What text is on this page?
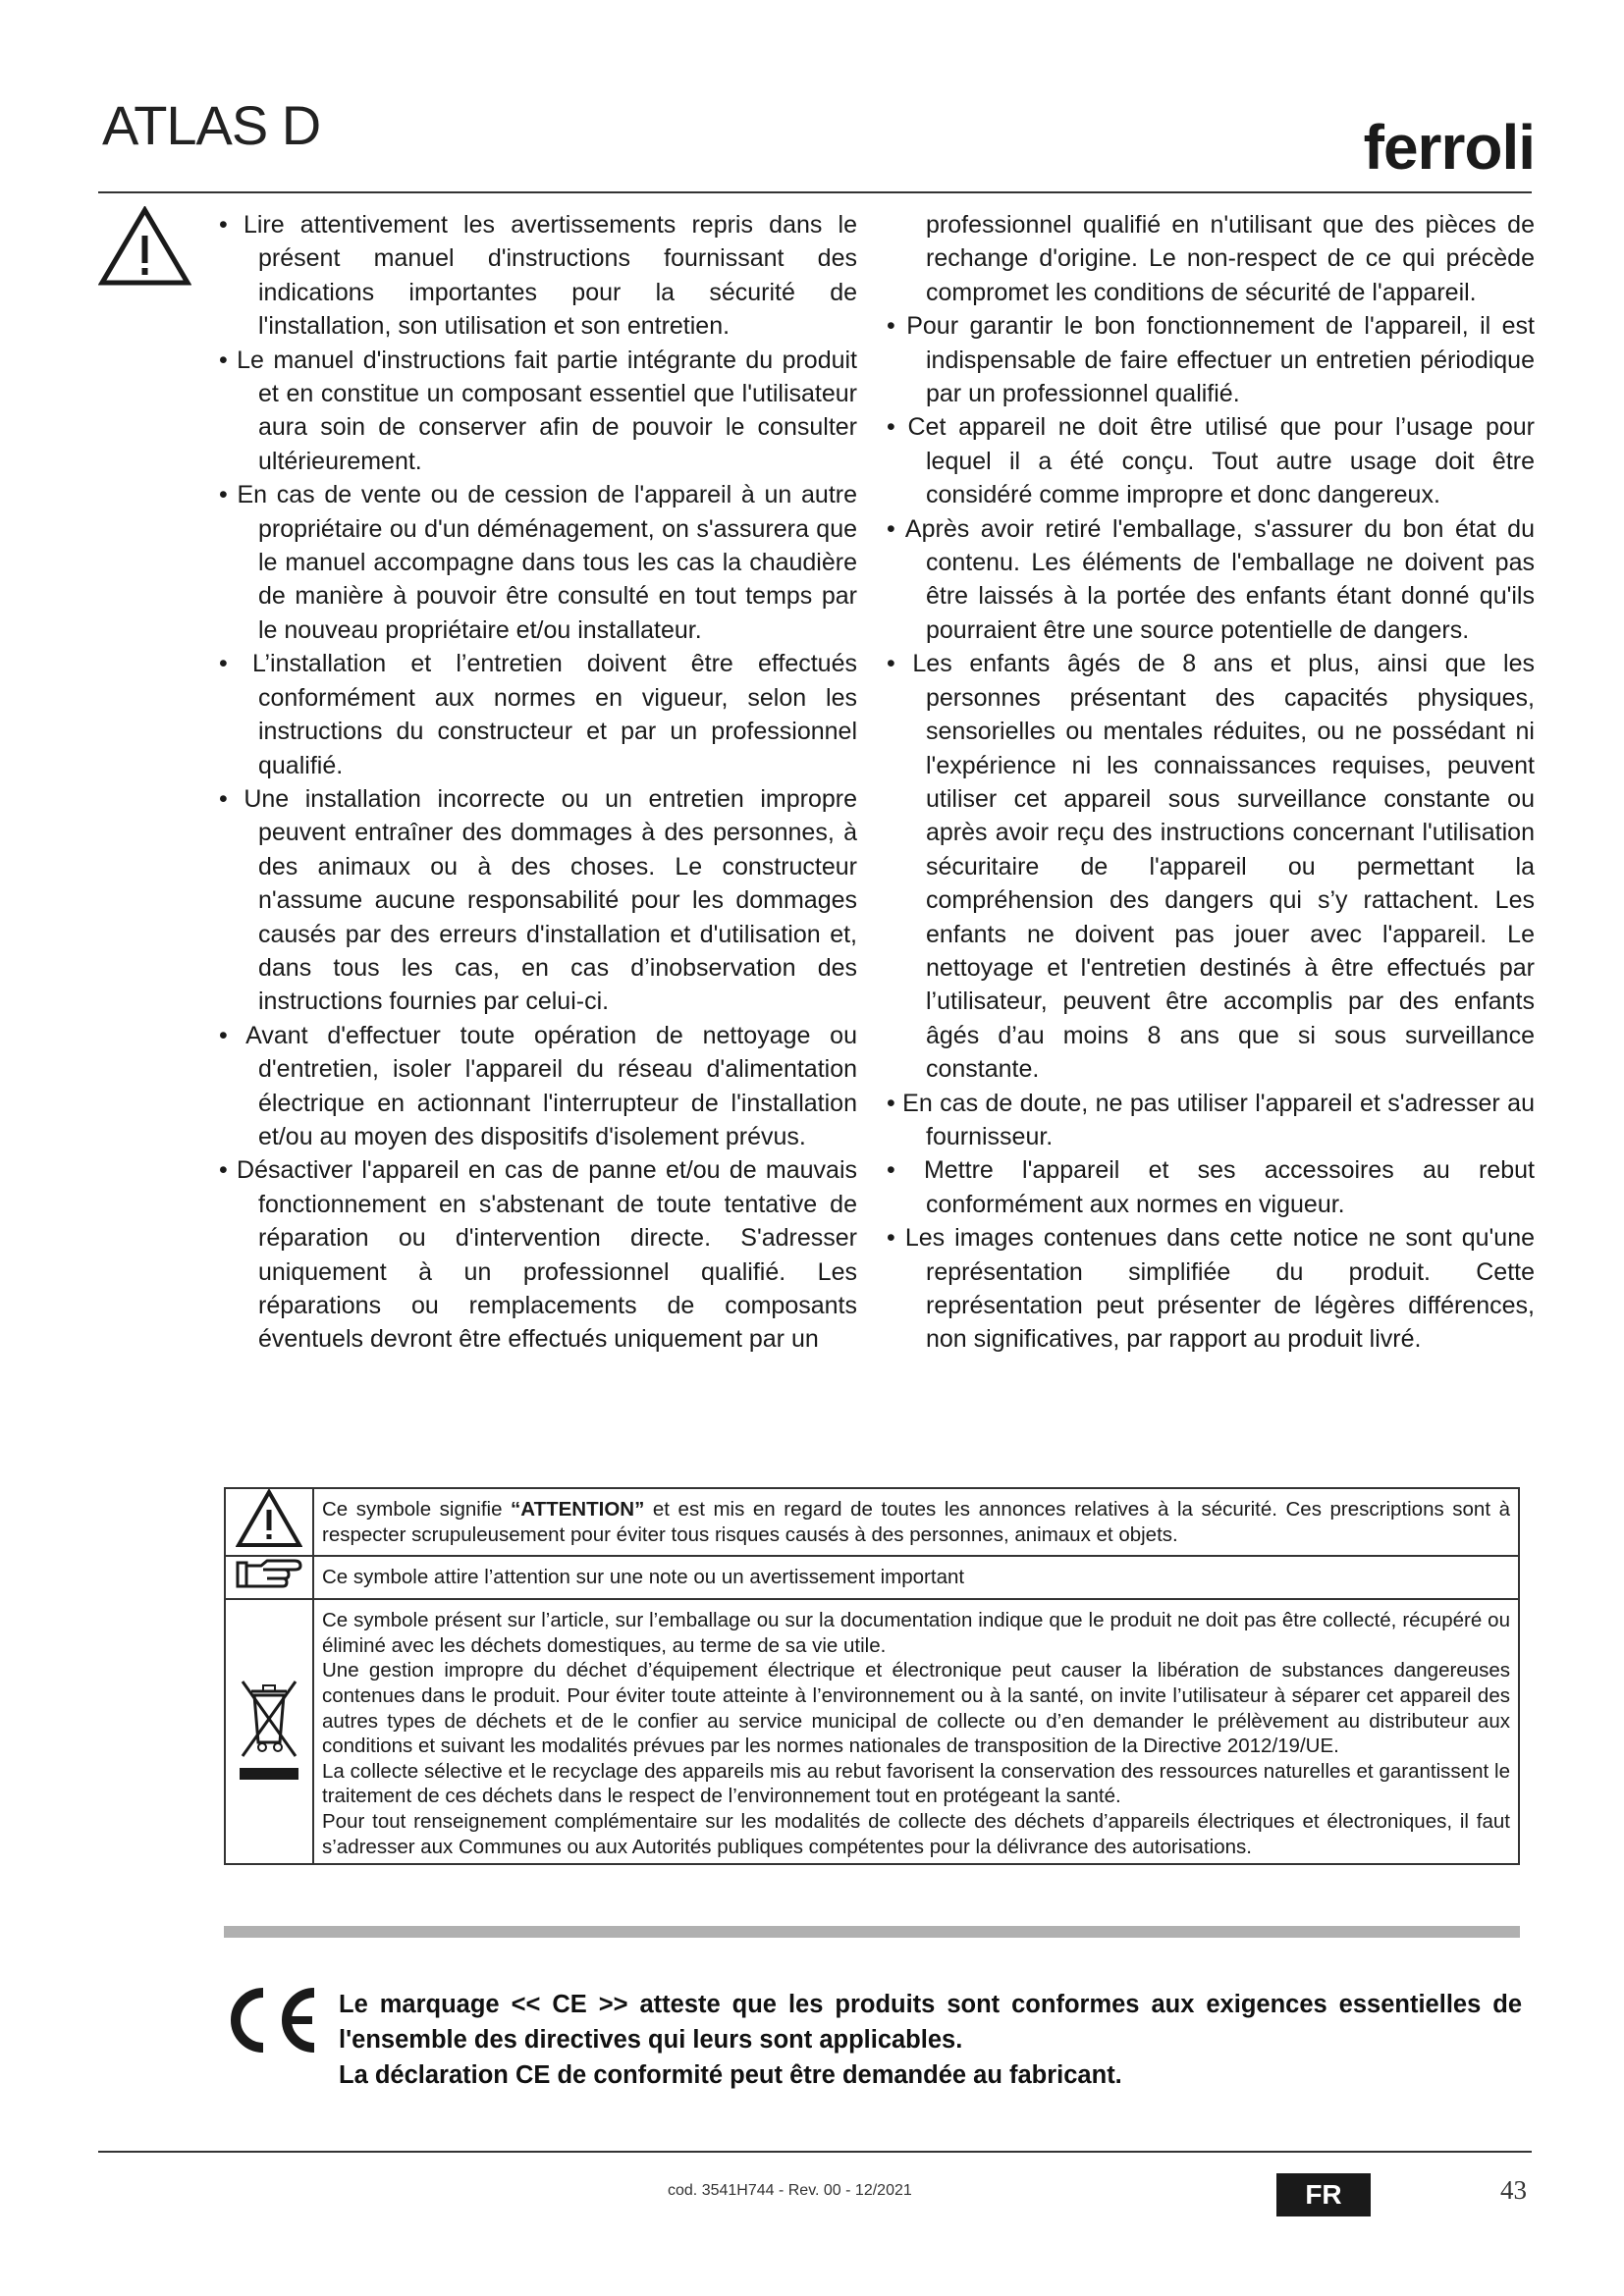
ATLAS D	ferroli
• Lire attentivement les avertissements repris dans le présent manuel d'instructions fournissant des indications importantes pour la sécurité de l'installation, son utilisation et son entretien.
• Le manuel d'instructions fait partie intégrante du produit et en constitue un composant essentiel que l'utilisateur aura soin de conserver afin de pouvoir le consulter ultérieurement.
• En cas de vente ou de cession de l'appareil à un autre propriétaire ou d'un déménagement, on s'assurera que le manuel accompagne dans tous les cas la chaudière de manière à pouvoir être consulté en tout temps par le nouveau propriétaire et/ou installateur.
• L’installation et l’entretien doivent être effectués conformément aux normes en vigueur, selon les instructions du constructeur et par un professionnel qualifié.
• Une installation incorrecte ou un entretien impropre peuvent entraîner des dommages à des personnes, à des animaux ou à des choses. Le constructeur n'assume aucune responsabilité pour les dommages causés par des erreurs d'installation et d'utilisation et, dans tous les cas, en cas d’inobservation des instructions fournies par celui-ci.
• Avant d'effectuer toute opération de nettoyage ou d'entretien, isoler l'appareil du réseau d'alimentation électrique en actionnant l'interrupteur de l'installation et/ou au moyen des dispositifs d'isolement prévus.
• Désactiver l'appareil en cas de panne et/ou de mauvais fonctionnement en s'abstenant de toute tentative de réparation ou d'intervention directe. S'adresser uniquement à un professionnel qualifié. Les réparations ou remplacements de composants éventuels devront être effectués uniquement par un
professionnel qualifié en n'utilisant que des pièces de rechange d'origine. Le non-respect de ce qui précède compromet les conditions de sécurité de l'appareil.
• Pour garantir le bon fonctionnement de l'appareil, il est indispensable de faire effectuer un entretien périodique par un professionnel qualifié.
• Cet appareil ne doit être utilisé que pour l’usage pour lequel il a été conçu. Tout autre usage doit être considéré comme impropre et donc dangereux.
• Après avoir retiré l'emballage, s'assurer du bon état du contenu. Les éléments de l'emballage ne doivent pas être laissés à la portée des enfants étant donné qu'ils pourraient être une source potentielle de dangers.
• Les enfants âgés de 8 ans et plus, ainsi que les personnes présentant des capacités physiques, sensorielles ou mentales réduites, ou ne possédant ni l'expérience ni les connaissances requises, peuvent utiliser cet appareil sous surveillance constante ou après avoir reçu des instructions concernant l'utilisation sécuritaire de l'appareil ou permettant la compréhension des dangers qui s’y rattachent. Les enfants ne doivent pas jouer avec l'appareil. Le nettoyage et l'entretien destinés à être effectués par l’utilisateur, peuvent être accomplis par des enfants âgés d’au moins 8 ans que si sous surveillance constante.
• En cas de doute, ne pas utiliser l'appareil et s'adresser au fournisseur.
• Mettre l'appareil et ses accessoires au rebut conformément aux normes en vigueur.
• Les images contenues dans cette notice ne sont qu'une représentation simplifiée du produit. Cette représentation peut présenter de légères différences, non significatives, par rapport au produit livré.
	Ce symbole signifie “ATTENTION” et est mis en regard de toutes les annonces relatives à la sécurité. Ces prescriptions sont à respecter scrupuleusement pour éviter tous risques causés à des personnes, animaux et objets.
	Ce symbole attire l’attention sur une note ou un avertissement important

Ce symbole présent sur l’article, sur l’emballage ou sur la documentation indique que le produit ne doit pas être collecté, récupéré ou éliminé avec les déchets domestiques, au terme de sa vie utile.

Une gestion impropre du déchet d’équipement électrique et électronique peut causer la libération de substances dangereuses contenues dans le produit. Pour éviter toute atteinte à l’environnement ou à la santé, on invite l’utilisateur à séparer cet appareil des autres types de déchets et de le confier au service municipal de collecte ou d’en demander le prélèvement au distributeur aux conditions et suivant les modalités prévues par les normes nationales de transposition de la Directive 2012/19/UE.

La collecte sélective et le recyclage des appareils mis au rebut favorisent la conservation des ressources naturelles et garantissent le traitement de ces déchets dans le respect de l’environnement tout en protégeant la santé.

Pour tout renseignement complémentaire sur les modalités de collecte des déchets d’appareils électriques et électroniques, il faut s’adresser aux Communes ou aux Autorités publiques compétentes pour la délivrance des autorisations.

Le marquage << CE >> atteste que les produits sont conformes aux exigences essentielles de l'ensemble des directives qui leurs sont applicables.

La déclaration CE de conformité peut être demandée au fabricant.

cod. 3541H744 - Rev. 00 - 12/2021	FR	43
